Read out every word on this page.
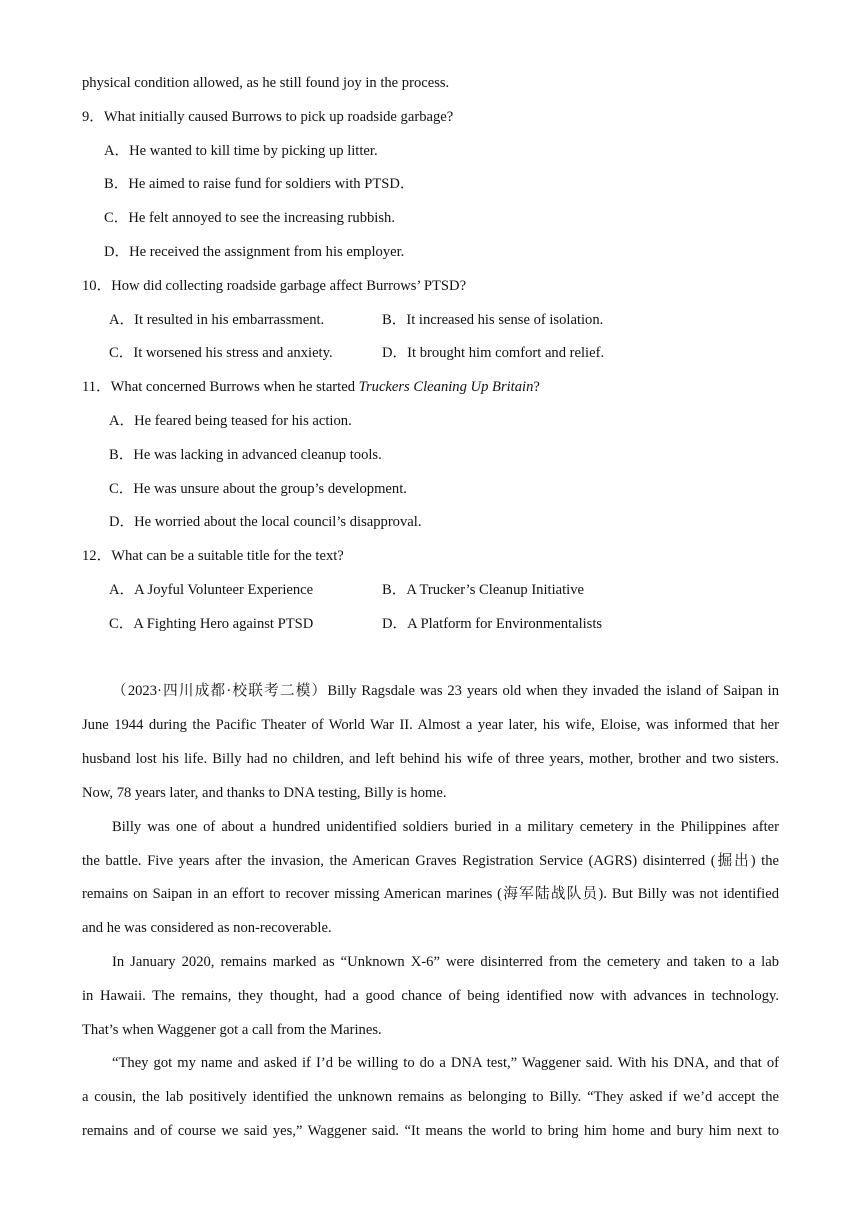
physical condition allowed, as he still found joy in the process.
9．What initially caused Burrows to pick up roadside garbage?
A．He wanted to kill time by picking up litter.
B．He aimed to raise fund for soldiers with PTSD．
C．He felt annoyed to see the increasing rubbish.
D．He received the assignment from his employer.
10．How did collecting roadside garbage affect Burrows’ PTSD?
A．It resulted in his embarrassment.	B．It increased his sense of isolation.
C．It worsened his stress and anxiety.	D．It brought him comfort and relief.
11．What concerned Burrows when he started Truckers Cleaning Up Britain?
A．He feared being teased for his action.
B．He was lacking in advanced cleanup tools.
C．He was unsure about the group’s development.
D．He worried about the local council’s disapproval.
12．What can be a suitable title for the text?
A．A Joyful Volunteer Experience	B．A Trucker’s Cleanup Initiative
C．A Fighting Hero against PTSD	D．A Platform for Environmentalists
（2023·四川成都·校联考二模）Billy Ragsdale was 23 years old when they invaded the island of Saipan in
June 1944 during the Pacific Theater of World War II. Almost a year later, his wife, Eloise, was informed that her
husband lost his life. Billy had no children, and left behind his wife of three years, mother, brother and two sisters.
Now, 78 years later, and thanks to DNA testing, Billy is home.
Billy was one of about a hundred unidentified soldiers buried in a military cemetery in the Philippines after
the battle. Five years after the invasion, the American Graves Registration Service (AGRS) disinterred (掘出) the
remains on Saipan in an effort to recover missing American marines (海军陆战队员). But Billy was not identified
and he was considered as non-recoverable.
In January 2020, remains marked as “Unknown X-6” were disinterred from the cemetery and taken to a lab
in Hawaii. The remains, they thought, had a good chance of being identified now with advances in technology.
That’s when Waggener got a call from the Marines.
“They got my name and asked if I’d be willing to do a DNA test,” Waggener said. With his DNA, and that of
a cousin, the lab positively identified the unknown remains as belonging to Billy. “They asked if we’d accept the
remains and of course we said yes,” Waggener said. “It means the world to bring him home and bury him next to
